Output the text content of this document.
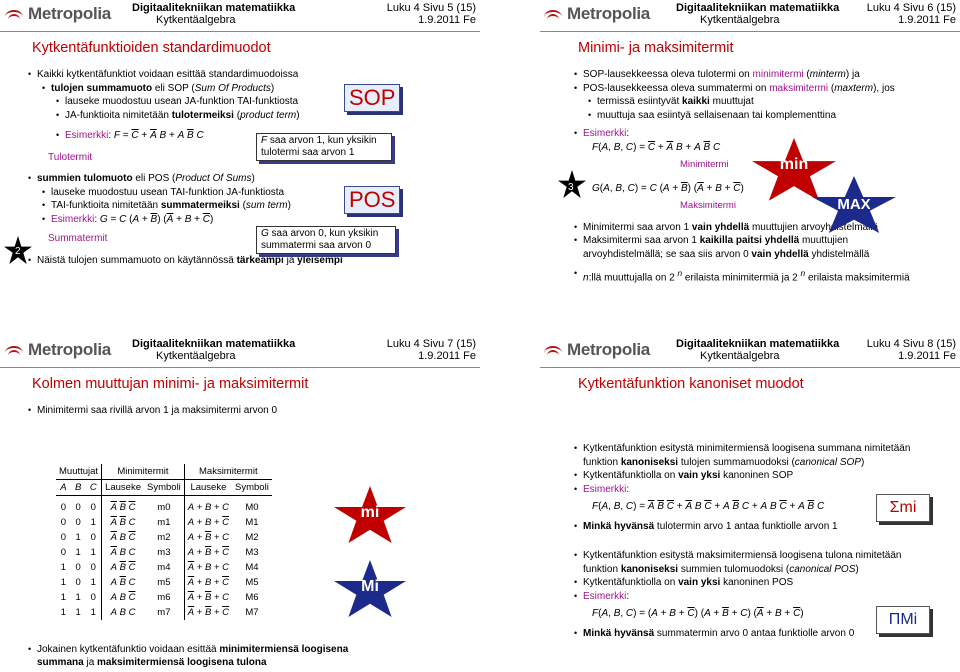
Metropolia Digitaalitekniikan matematiikka
Kytkentäalgebra
Luku 4 Sivu 5 (15)
1.9.2011 Fe
Kytkentäfunktioiden standardimuodot
• Kaikki kytkentäfunktiot voidaan esittää standardimuodoissa
• tulojen summamuoto eli SOP (Sum Of Products)
• lauseke muodostuu usean JA-funktion TAI-funktiosta
• JA-funktioita nimitetään tulotermeiksi (product term)
• Esimerkki: $F = \overline{C} + \overline{A}$ B + A $\overline{B}$ C
Tulotermit
• summien tulomuoto eli POS (Product Of Sums)
• lauseke muodostuu usean TAI-funktion JA-funktiosta
• TAI-funktioita nimitetään summatermeiksi (sum term)
• Esimerkki: G = C $(A + \overline{B})$ $(\overline{A} + B + \overline{C})$
Summatermit
• Näistä tulojen summamuoto on käytännössä tärkeämpi ja yleisempi
SOP
F saa arvon 1, kun yksikin tulotermi saa arvon 1
POS
G saa arvon 0, kun yksikin summatermi saa arvon 0
2
Metropolia Digitaalitekniikan matematiikka
Kytkentäalgebra
Luku 4 Sivu 6 (15)
1.9.2011 Fe
Minimi- ja maksimitermit
• SOP-lausekkeessa oleva tulotermi on minimitermi (minterm) ja
• POS-lausekkeessa oleva summatermi on maksimitermi (maxterm), jos
• termissä esiintyvät kaikki muuttujat
• muuttuja saa esiintyä sellaisenaan tai komplementtina
• Esimerkki:
F(A, B, $C) = \overline{C} + \overline{A}$ B + A $\overline{B}$ C
Minimitermi
G(A, B, C) = C $(A + \overline{B})$ $(\overline{A} + B + \overline{C})$
Maksimitermi
• Minimitermi saa arvon 1 vain yhdellä muuttujien arvoyhdistelmällä
• Maksimitermi saa arvon 1 kaikilla paitsi yhdellä muuttujien
arvoyhdistelmällä; se saa siis arvon 0 vain yhdellä yhdistelmällä
• n:llä muuttujalla on 2 $^n$ erilaista minimitermiä ja 2 $^n$ erilaista maksimitermiä
min
MAX
3
Metropolia Digitaalitekniikan matematiikka
Kytkentäalgebra
Luku 4 Sivu 7 (15)
1.9.2011 Fe
Kolmen muuttujan minimi- ja maksimitermit
• Minimitermi saa rivillä arvon 1 ja maksimitermi arvon 0
Muuttujat			Minimitermit		Maksimitermit	
A	B	C	Lauseke	Symboli	Lauseke	Symboli
0	0	0	$\overline{A}$ $\overline{B}$ $\overline{C}$	m0	A + B + C	M0
0	0	1	$\overline{A}$ $\overline{B}$ C	m1	$A + B + \overline{C}$	M1
0	1	0	$\overline{A}$ B $\overline{C}$	m2	$A + \overline{B} + C$	M2
0	1	1	$\overline{A}$ B C	m3	$A + \overline{B} + \overline{C}$	M3
1	0	0	A $\overline{B}$ $\overline{C}$	m4	$\overline{A} + B + C$	M4
1	0	1	A $\overline{B}$ C	m5	$\overline{A} + B + \overline{C}$	M5
1	1	0	A B $\overline{C}$	m6	$\overline{A} + \overline{B} + C$	M6
1	1	1	A B C	m7	$\overline{A} + \overline{B} + \overline{C}$	M7
mi
Mi
• Jokainen kytkentäfunktio voidaan esittää minimitermiensä loogisena
summana ja maksimitermiensä loogisena tulona
Metropolia Digitaalitekniikan matematiikka
Kytkentäalgebra
Luku 4 Sivu 8 (15)
1.9.2011 Fe
Kytkentäfunktion kanoniset muodot
• Kytkentäfunktion esitystä minimitermiensä loogisena summana nimitetään
funktion kanoniseksi tulojen summamuodoksi (canonical SOP)
• Kytkentäfunktiolla on vain yksi kanoninen SOP
• Esimerkki:
F(A, B, $C) = \overline{A}$ $\overline{B}$ $\overline{C} + \overline{A}$ B $\overline{C} + A$ $\overline{B}$ C + A B $\overline{C} + A$ $\overline{B}$ C
• Minkä hyvänsä tulotermin arvo 1 antaa funktiolle arvon 1
• Kytkentäfunktion esitystä maksimitermiensä loogisena tulona nimitetään
funktion kanoniseksi summien tulomuodoksi (canonical POS)
• Kytkentäfunktiolla on vain yksi kanoninen POS
• Esimerkki:
F(A, B, $C) = (A + B + \overline{C})$ $(A + \overline{B} + C)$ $(\overline{A} + B + \overline{C})$
• Minkä hyvänsä summatermin arvo 0 antaa funktiolle arvon 0
Σmi
ΠMi
